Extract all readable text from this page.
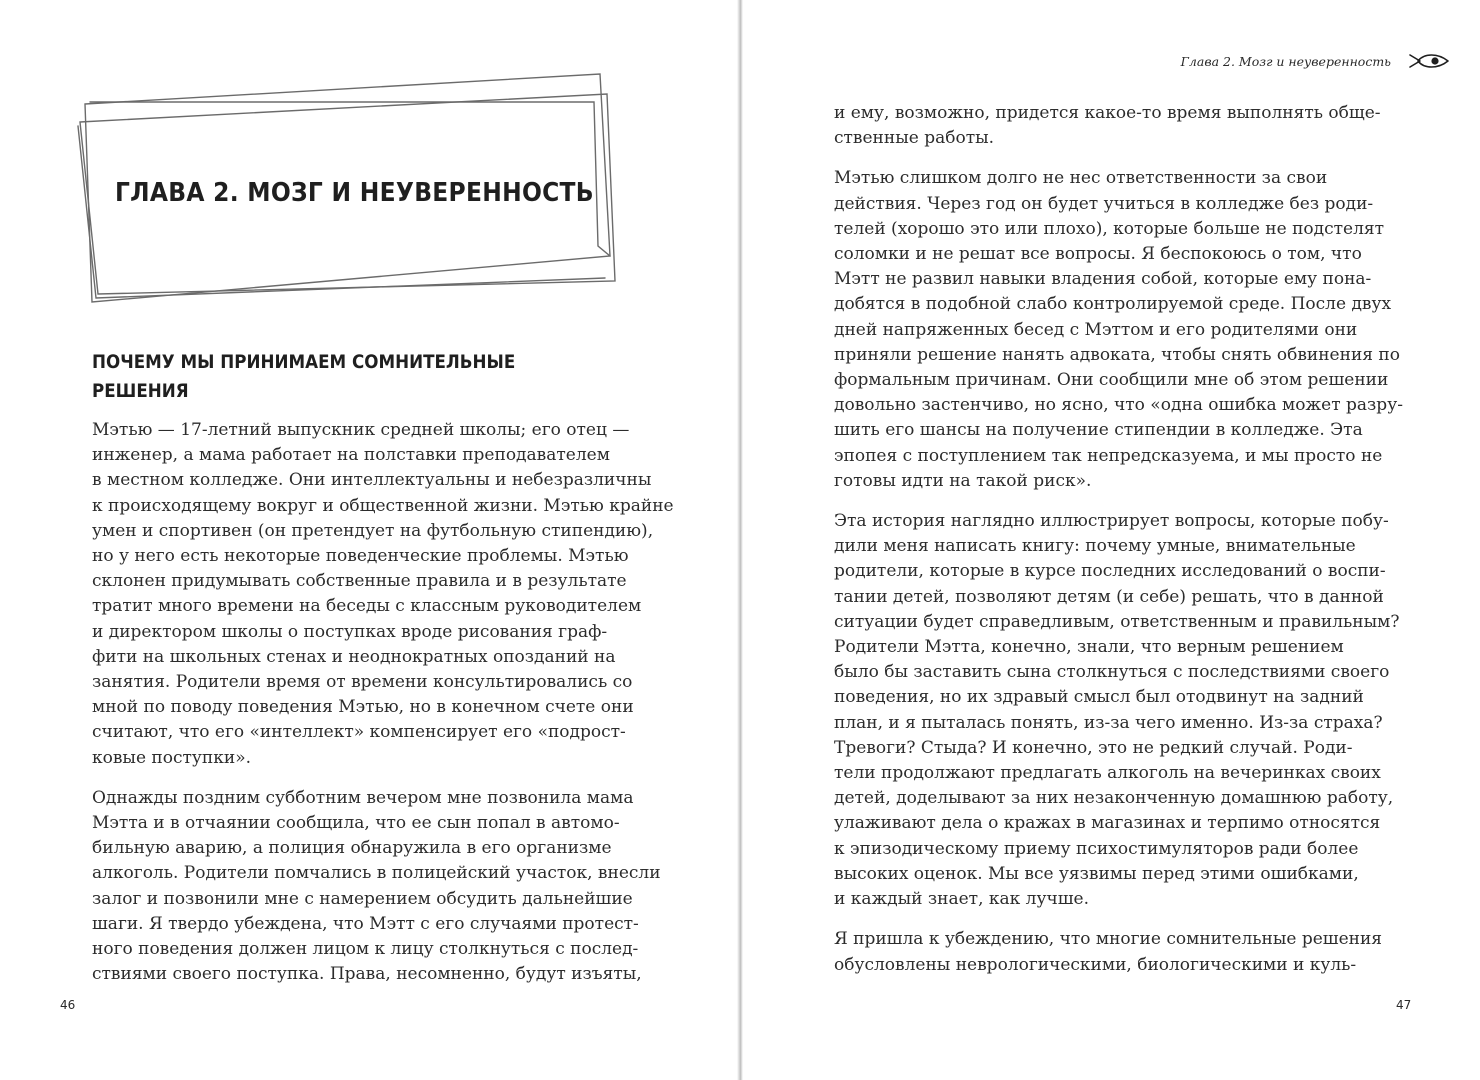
ГЛАВА 2. МОЗГ И НЕУВЕРЕННОСТЬ
ПОЧЕМУ МЫ ПРИНИМАЕМ СОМНИТЕЛЬНЫЕ
РЕШЕНИЯ

Мэтью — 17-летний выпускник средней школы; его отец —
инженер, а мама работает на полставки преподавателем
в местном колледже. Они интеллектуальны и небезразличны
к происходящему вокруг и общественной жизни. Мэтью крайне
умен и спортивен (он претендует на футбольную стипендию),
но у него есть некоторые поведенческие проблемы. Мэтью
склонен придумывать собственные правила и в результате
тратит много времени на беседы с классным руководителем
и директором школы о поступках вроде рисования граф-
фити на школьных стенах и неоднократных опозданий на
занятия. Родители время от времени консультировались со
мной по поводу поведения Мэтью, но в конечном счете они
считают, что его «интеллект» компенсирует его «подрост-
ковые поступки».

Однажды поздним субботним вечером мне позвонила мама
Мэтта и в отчаянии сообщила, что ее сын попал в автомо-
бильную аварию, а полиция обнаружила в его организме
алкоголь. Родители помчались в полицейский участок, внесли
залог и позвонили мне с намерением обсудить дальнейшие
шаги. Я твердо убеждена, что Мэтт с его случаями протест-
ного поведения должен лицом к лицу столкнуться с послед-
ствиями своего поступка. Права, несомненно, будут изъяты,

46
Глава 2. Мозг и неуверенность

и ему, возможно, придется какое-то время выполнять обще-
ственные работы.

Мэтью слишком долго не нес ответственности за свои
действия. Через год он будет учиться в колледже без роди-
телей (хорошо это или плохо), которые больше не подстелят
соломки и не решат все вопросы. Я беспокоюсь о том, что
Мэтт не развил навыки владения собой, которые ему пона-
добятся в подобной слабо контролируемой среде. После двух
дней напряженных бесед с Мэттом и его родителями они
приняли решение нанять адвоката, чтобы снять обвинения по
формальным причинам. Они сообщили мне об этом решении
довольно застенчиво, но ясно, что «одна ошибка может разру-
шить его шансы на получение стипендии в колледже. Эта
эпопея с поступлением так непредсказуема, и мы просто не
готовы идти на такой риск».

Эта история наглядно иллюстрирует вопросы, которые побу-
дили меня написать книгу: почему умные, внимательные
родители, которые в курсе последних исследований о воспи-
тании детей, позволяют детям (и себе) решать, что в данной
ситуации будет справедливым, ответственным и правильным?
Родители Мэтта, конечно, знали, что верным решением
было бы заставить сына столкнуться с последствиями своего
поведения, но их здравый смысл был отодвинут на задний
план, и я пыталась понять, из-за чего именно. Из-за страха?
Тревоги? Стыда? И конечно, это не редкий случай. Роди-
тели продолжают предлагать алкоголь на вечеринках своих
детей, доделывают за них незаконченную домашнюю работу,
улаживают дела о кражах в магазинах и терпимо относятся
к эпизодическому приему психостимуляторов ради более
высоких оценок. Мы все уязвимы перед этими ошибками,
и каждый знает, как лучше.

Я пришла к убеждению, что многие сомнительные решения
обусловлены неврологическими, биологическими и куль-

47
